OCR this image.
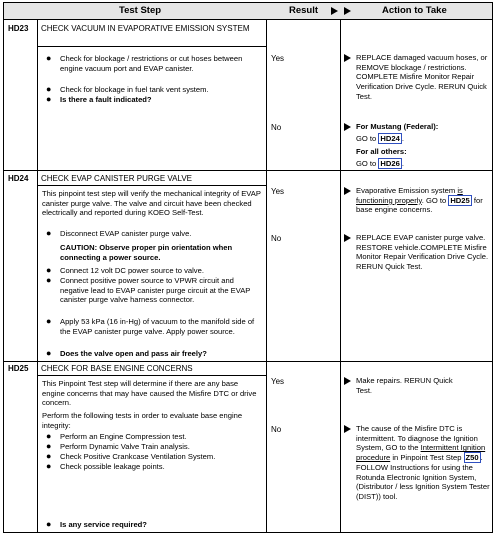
Test Step	Result	Action to Take
HD23 CHECK VACUUM IN EVAPORATIVE EMISSION SYSTEM
● Check for blockage / restrictions or cut hoses between engine vacuum port and EVAP canister.
● Check for blockage in fuel tank vent system.
● Is there a fault indicated?
Yes	REPLACE damaged vacuum hoses, or REMOVE blockage / restrictions. COMPLETE Misfire Monitor Repair Verification Drive Cycle. RERUN Quick Test.
No	For Mustang (Federal):
GO to HD24 .
For all others:
GO to HD26 .
HD24 CHECK EVAP CANISTER PURGE VALVE
This pinpoint test step will verify the mechanical integrity of EVAP canister purge valve. The valve and circuit have been checked electrically and reported during KOEO Self-Test.
● Disconnect EVAP canister purge valve.
CAUTION: Observe proper pin orientation when connecting a power source.
● Connect 12 volt DC power source to valve.
● Connect positive power source to VPWR circuit and negative lead to EVAP canister purge circuit at the EVAP canister purge valve harness connector.
● Apply 53 kPa (16 in-Hg) of vacuum to the manifold side of the EVAP canister purge valve. Apply power source.
● Does the valve open and pass air freely?
Yes	Evaporative Emission system is functioning properly. GO to HD25 for base engine concerns.
No	REPLACE EVAP canister purge valve. RESTORE vehicle.COMPLETE Misfire Monitor Repair Verification Drive Cycle. RERUN Quick Test.
HD25 CHECK FOR BASE ENGINE CONCERNS
This Pinpoint Test step will determine if there are any base engine concerns that may have caused the Misfire DTC or drive concern.
Perform the following tests in order to evaluate base engine integrity:
● Perform an Engine Compression test.
● Perform Dynamic Valve Train analysis.
● Check Positive Crankcase Ventilation System.
● Check possible leakage points.
● Is any service required?
Yes	Make repairs. RERUN Quick Test.
No	The cause of the Misfire DTC is intermittent. To diagnose the Ignition System, GO to the Intermittent Ignition procedure in Pinpoint Test Step Z50 . FOLLOW Instructions for using the Rotunda Electronic Ignition System, (Distributor / less Ignition System Tester (DIST)) tool.
